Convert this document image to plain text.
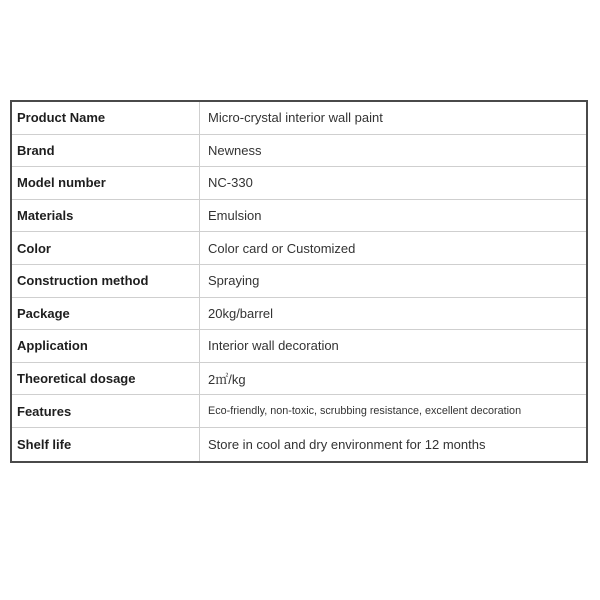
Product Name	Micro-crystal interior wall paint
Brand	Newness
Model number	NC-330
Materials	Emulsion
Color	Color card or Customized
Construction method	Spraying
Package	20kg/barrel
Application	Interior wall decoration
Theoretical dosage	2㎡/kg
Features	Eco-friendly, non-toxic, scrubbing resistance, excellent decoration
Shelf life	Store in cool and dry environment for 12 months
